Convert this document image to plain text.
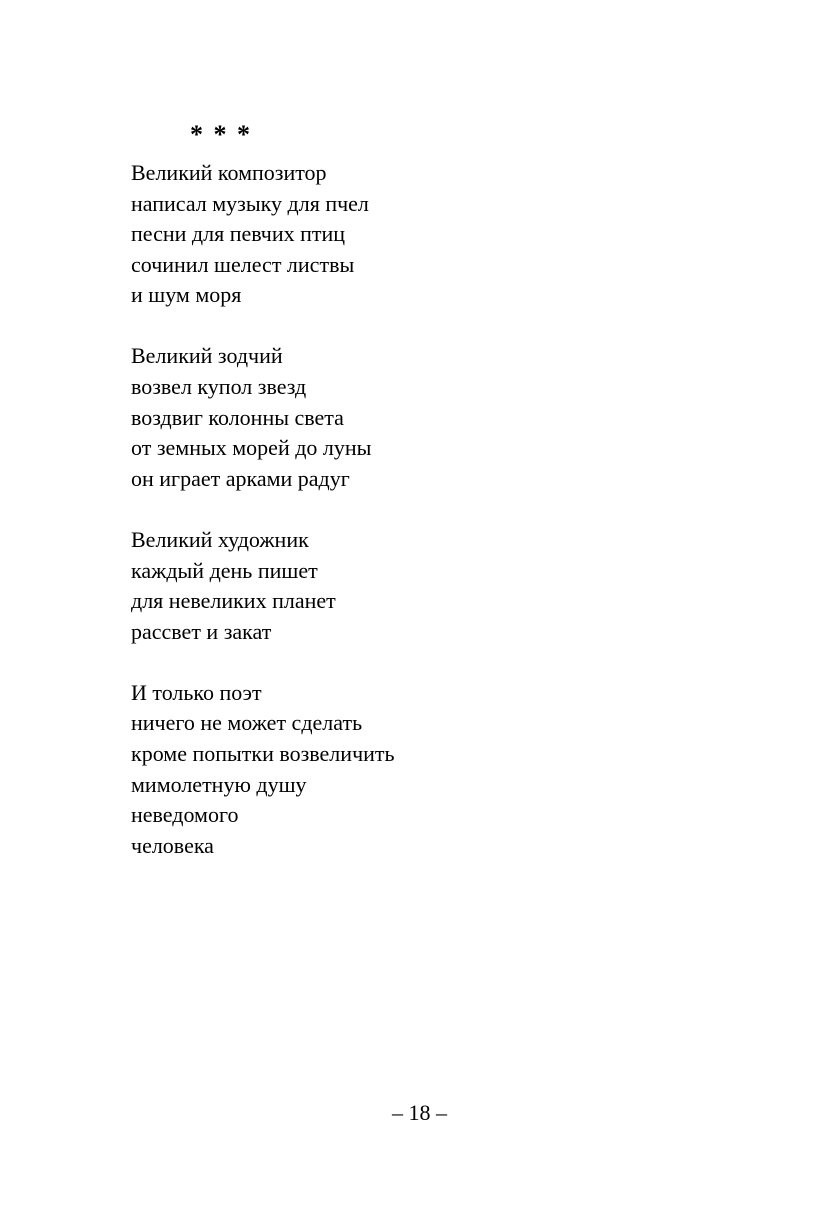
* * *
Великий композитор
написал музыку для пчел
песни для певчих птиц
сочинил шелест листвы
и шум моря
Великий зодчий
возвел купол звезд
воздвиг колонны света
от земных морей до луны
он играет арками радуг
Великий художник
каждый день пишет
для невеликих планет
рассвет и закат
И только поэт
ничего не может сделать
кроме попытки возвеличить
мимолетную душу
неведомого
человека
– 18 –
